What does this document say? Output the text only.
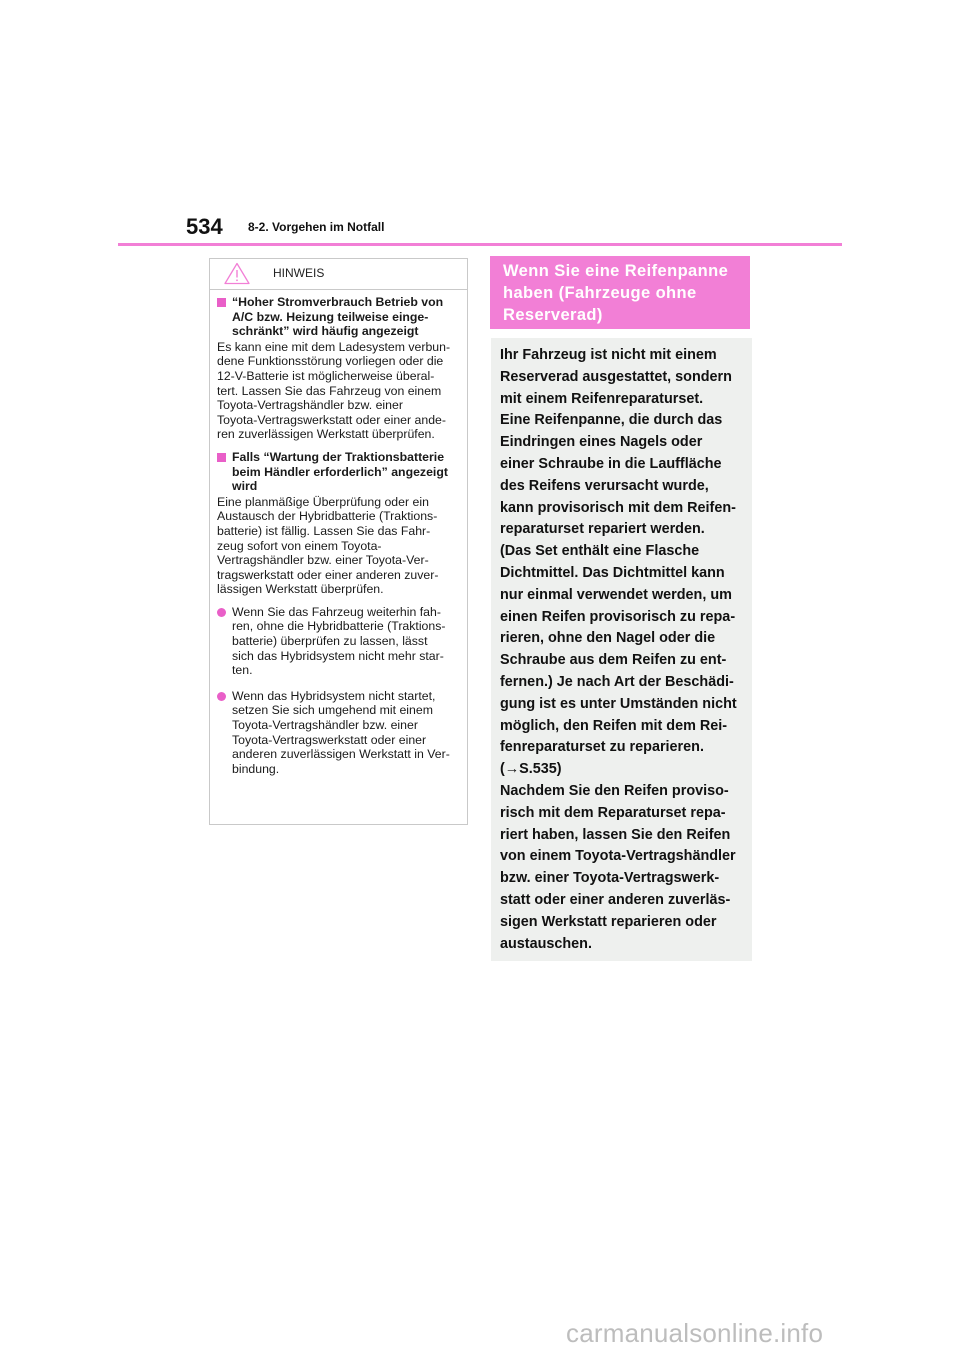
534 8-2. Vorgehen im Notfall
HINWEIS
“Hoher Stromverbrauch Betrieb von
A/C bzw. Heizung teilweise einge-
schränkt” wird häufig angezeigt
Es kann eine mit dem Ladesystem verbun-
dene Funktionsstörung vorliegen oder die
12-V-Batterie ist möglicherweise überal-
tert. Lassen Sie das Fahrzeug von einem
Toyota-Vertragshändler bzw. einer
Toyota-Vertragswerkstatt oder einer ande-
ren zuverlässigen Werkstatt überprüfen.
Falls “Wartung der Traktionsbatterie
beim Händler erforderlich” angezeigt
wird
Eine planmäßige Überprüfung oder ein
Austausch der Hybridbatterie (Traktions-
batterie) ist fällig. Lassen Sie das Fahr-
zeug sofort von einem Toyota-
Vertragshändler bzw. einer Toyota-Ver-
tragswerkstatt oder einer anderen zuver-
lässigen Werkstatt überprüfen.
Wenn Sie das Fahrzeug weiterhin fah-
ren, ohne die Hybridbatterie (Traktions-
batterie) überprüfen zu lassen, lässt
sich das Hybridsystem nicht mehr star-
ten.
Wenn das Hybridsystem nicht startet,
setzen Sie sich umgehend mit einem
Toyota-Vertragshändler bzw. einer
Toyota-Vertragswerkstatt oder einer
anderen zuverlässigen Werkstatt in Ver-
bindung.
Wenn Sie eine Reifenpanne
haben (Fahrzeuge ohne
Reserverad)
Ihr Fahrzeug ist nicht mit einem
Reserverad ausgestattet, sondern
mit einem Reifenreparaturset.
Eine Reifenpanne, die durch das
Eindringen eines Nagels oder
einer Schraube in die Lauffläche
des Reifens verursacht wurde,
kann provisorisch mit dem Reifen-
reparaturset repariert werden.
(Das Set enthält eine Flasche
Dichtmittel. Das Dichtmittel kann
nur einmal verwendet werden, um
einen Reifen provisorisch zu repa-
rieren, ohne den Nagel oder die
Schraube aus dem Reifen zu ent-
fernen.) Je nach Art der Beschädi-
gung ist es unter Umständen nicht
möglich, den Reifen mit dem Rei-
fenreparaturset zu reparieren.
(→S.535)
Nachdem Sie den Reifen proviso-
risch mit dem Reparaturset repa-
riert haben, lassen Sie den Reifen
von einem Toyota-Vertragshändler
bzw. einer Toyota-Vertragswerk-
statt oder einer anderen zuverläs-
sigen Werkstatt reparieren oder
austauschen.
carmanualsonline.info
